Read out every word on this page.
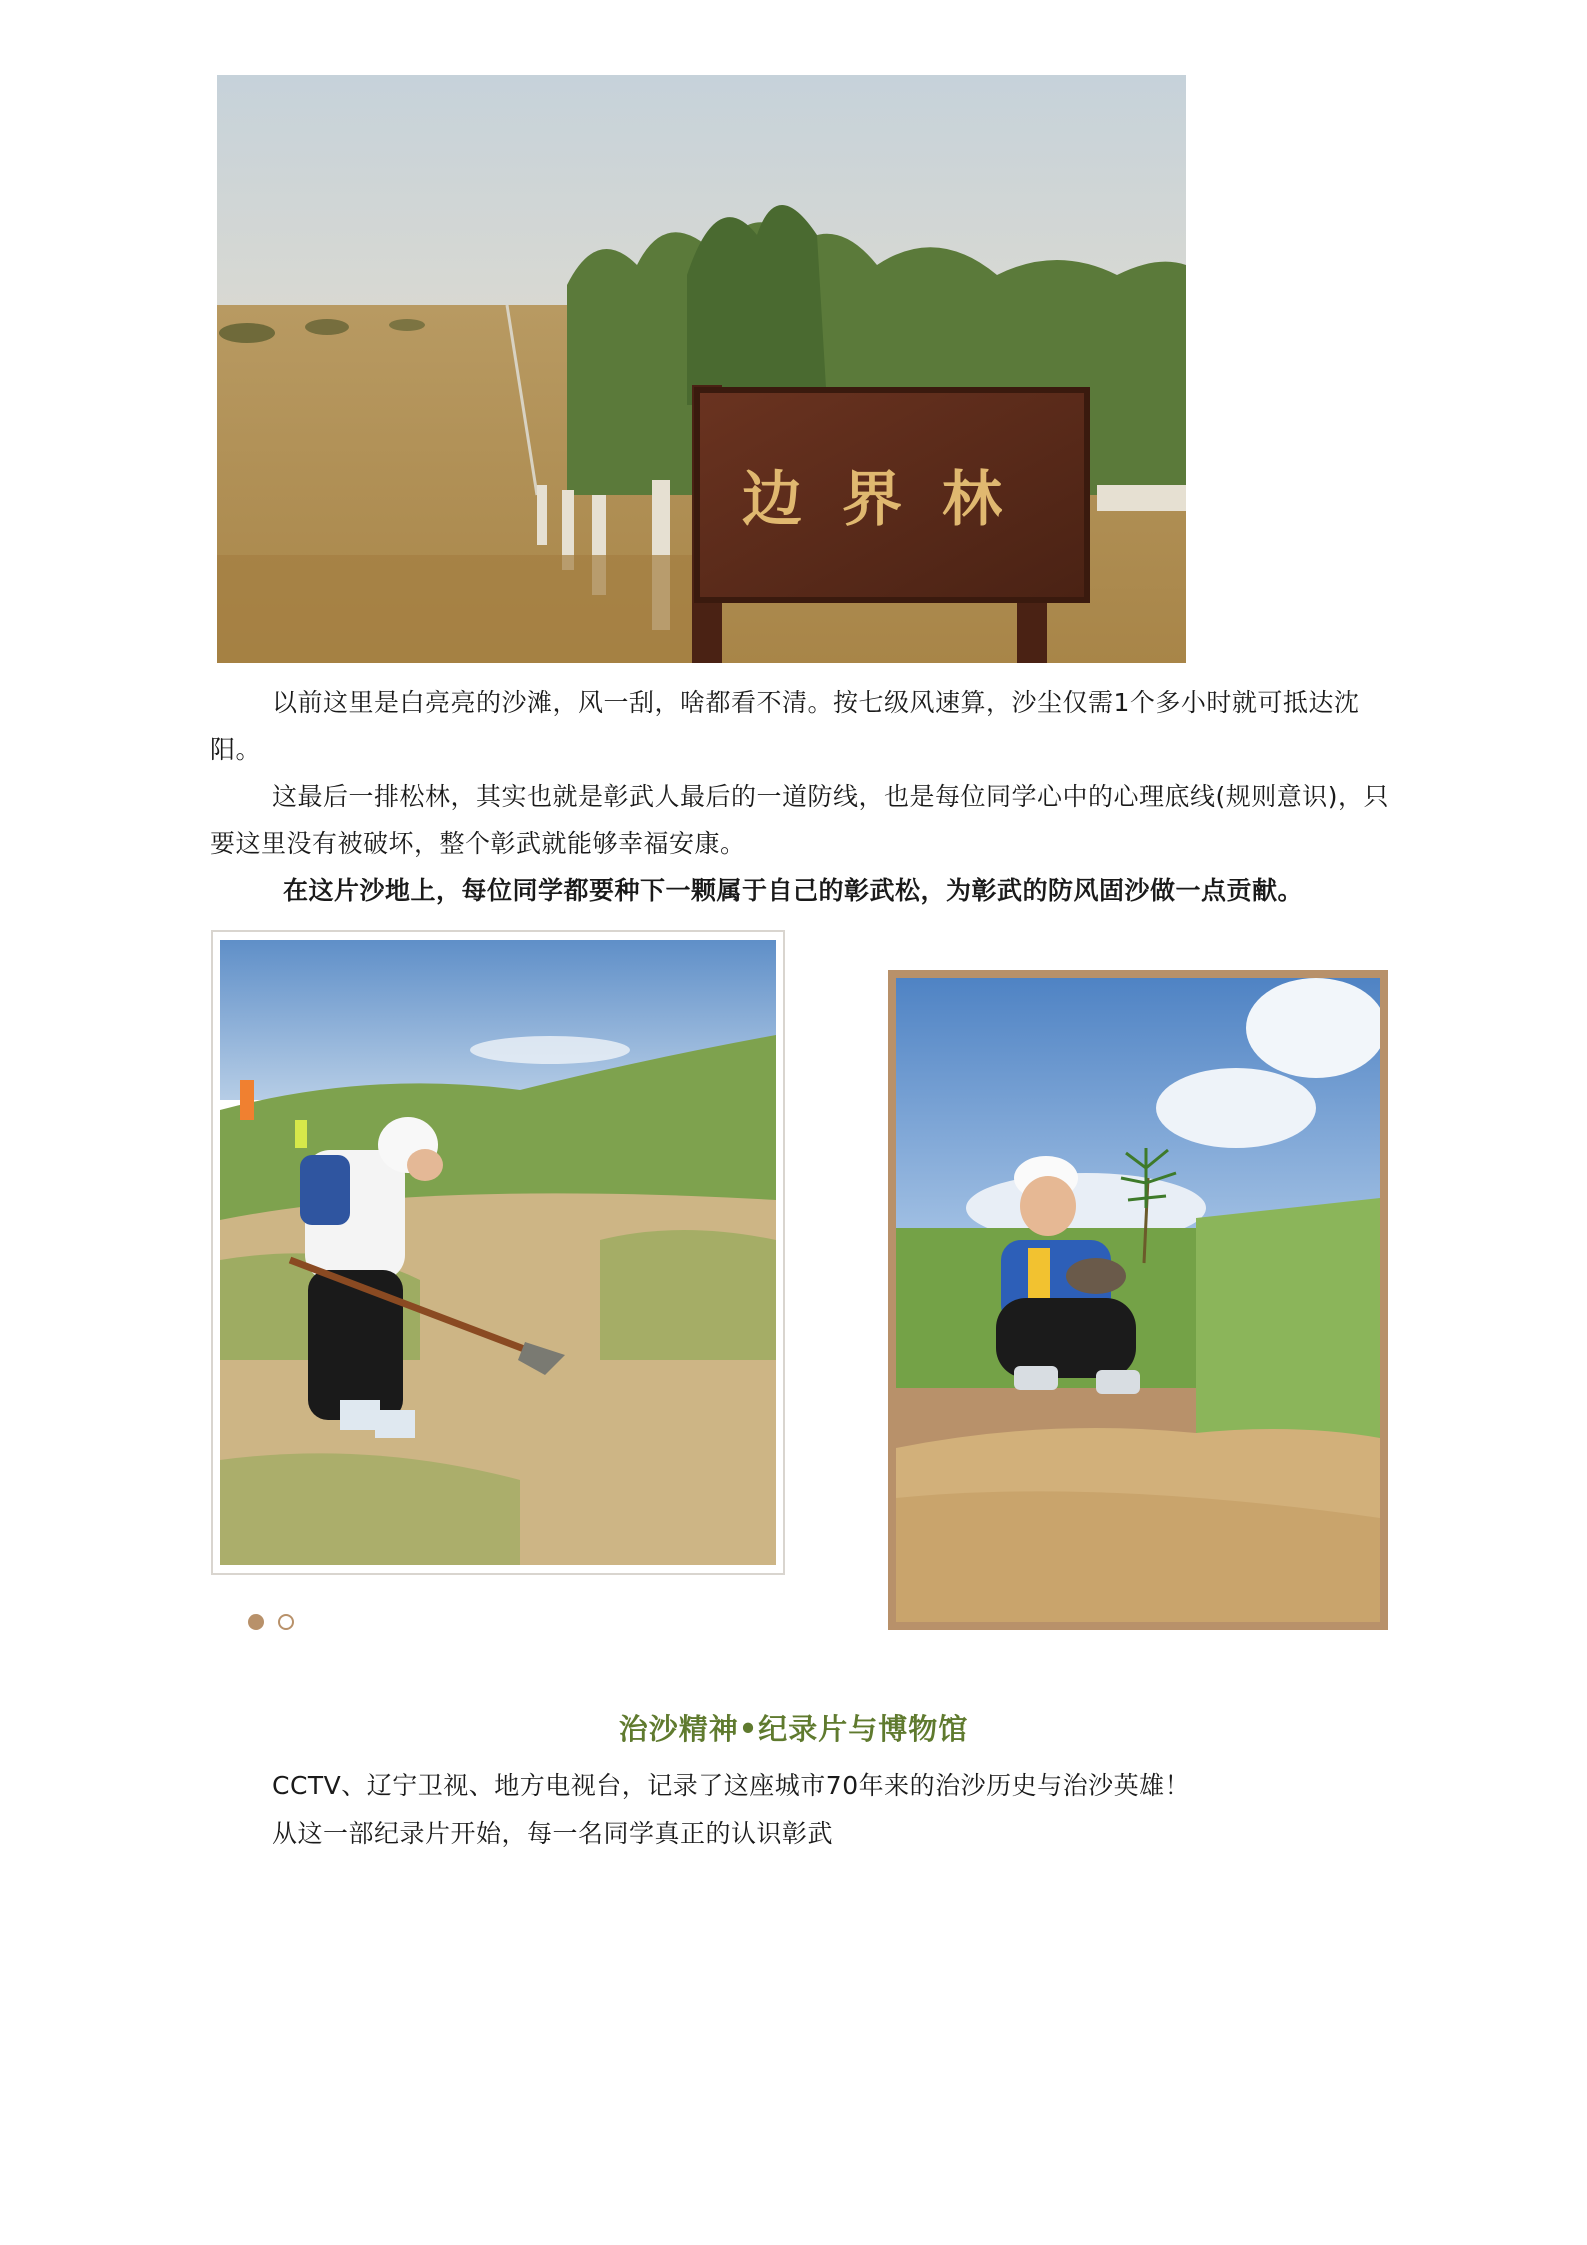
边界林
以前这里是白亮亮的沙滩，风一刮，啥都看不清。按七级风速算，沙尘仅需1个多小时就可抵达沈阳。
这最后一排松林，其实也就是彰武人最后的一道防线，也是每位同学心中的心理底线(规则意识)，只要这里没有被破坏，整个彰武就能够幸福安康。
在这片沙地上，每位同学都要种下一颗属于自己的彰武松，为彰武的防风固沙做一点贡献。
治沙精神•纪录片与博物馆
CCTV、辽宁卫视、地方电视台，记录了这座城市70年来的治沙历史与治沙英雄！
从这一部纪录片开始，每一名同学真正的认识彰武
